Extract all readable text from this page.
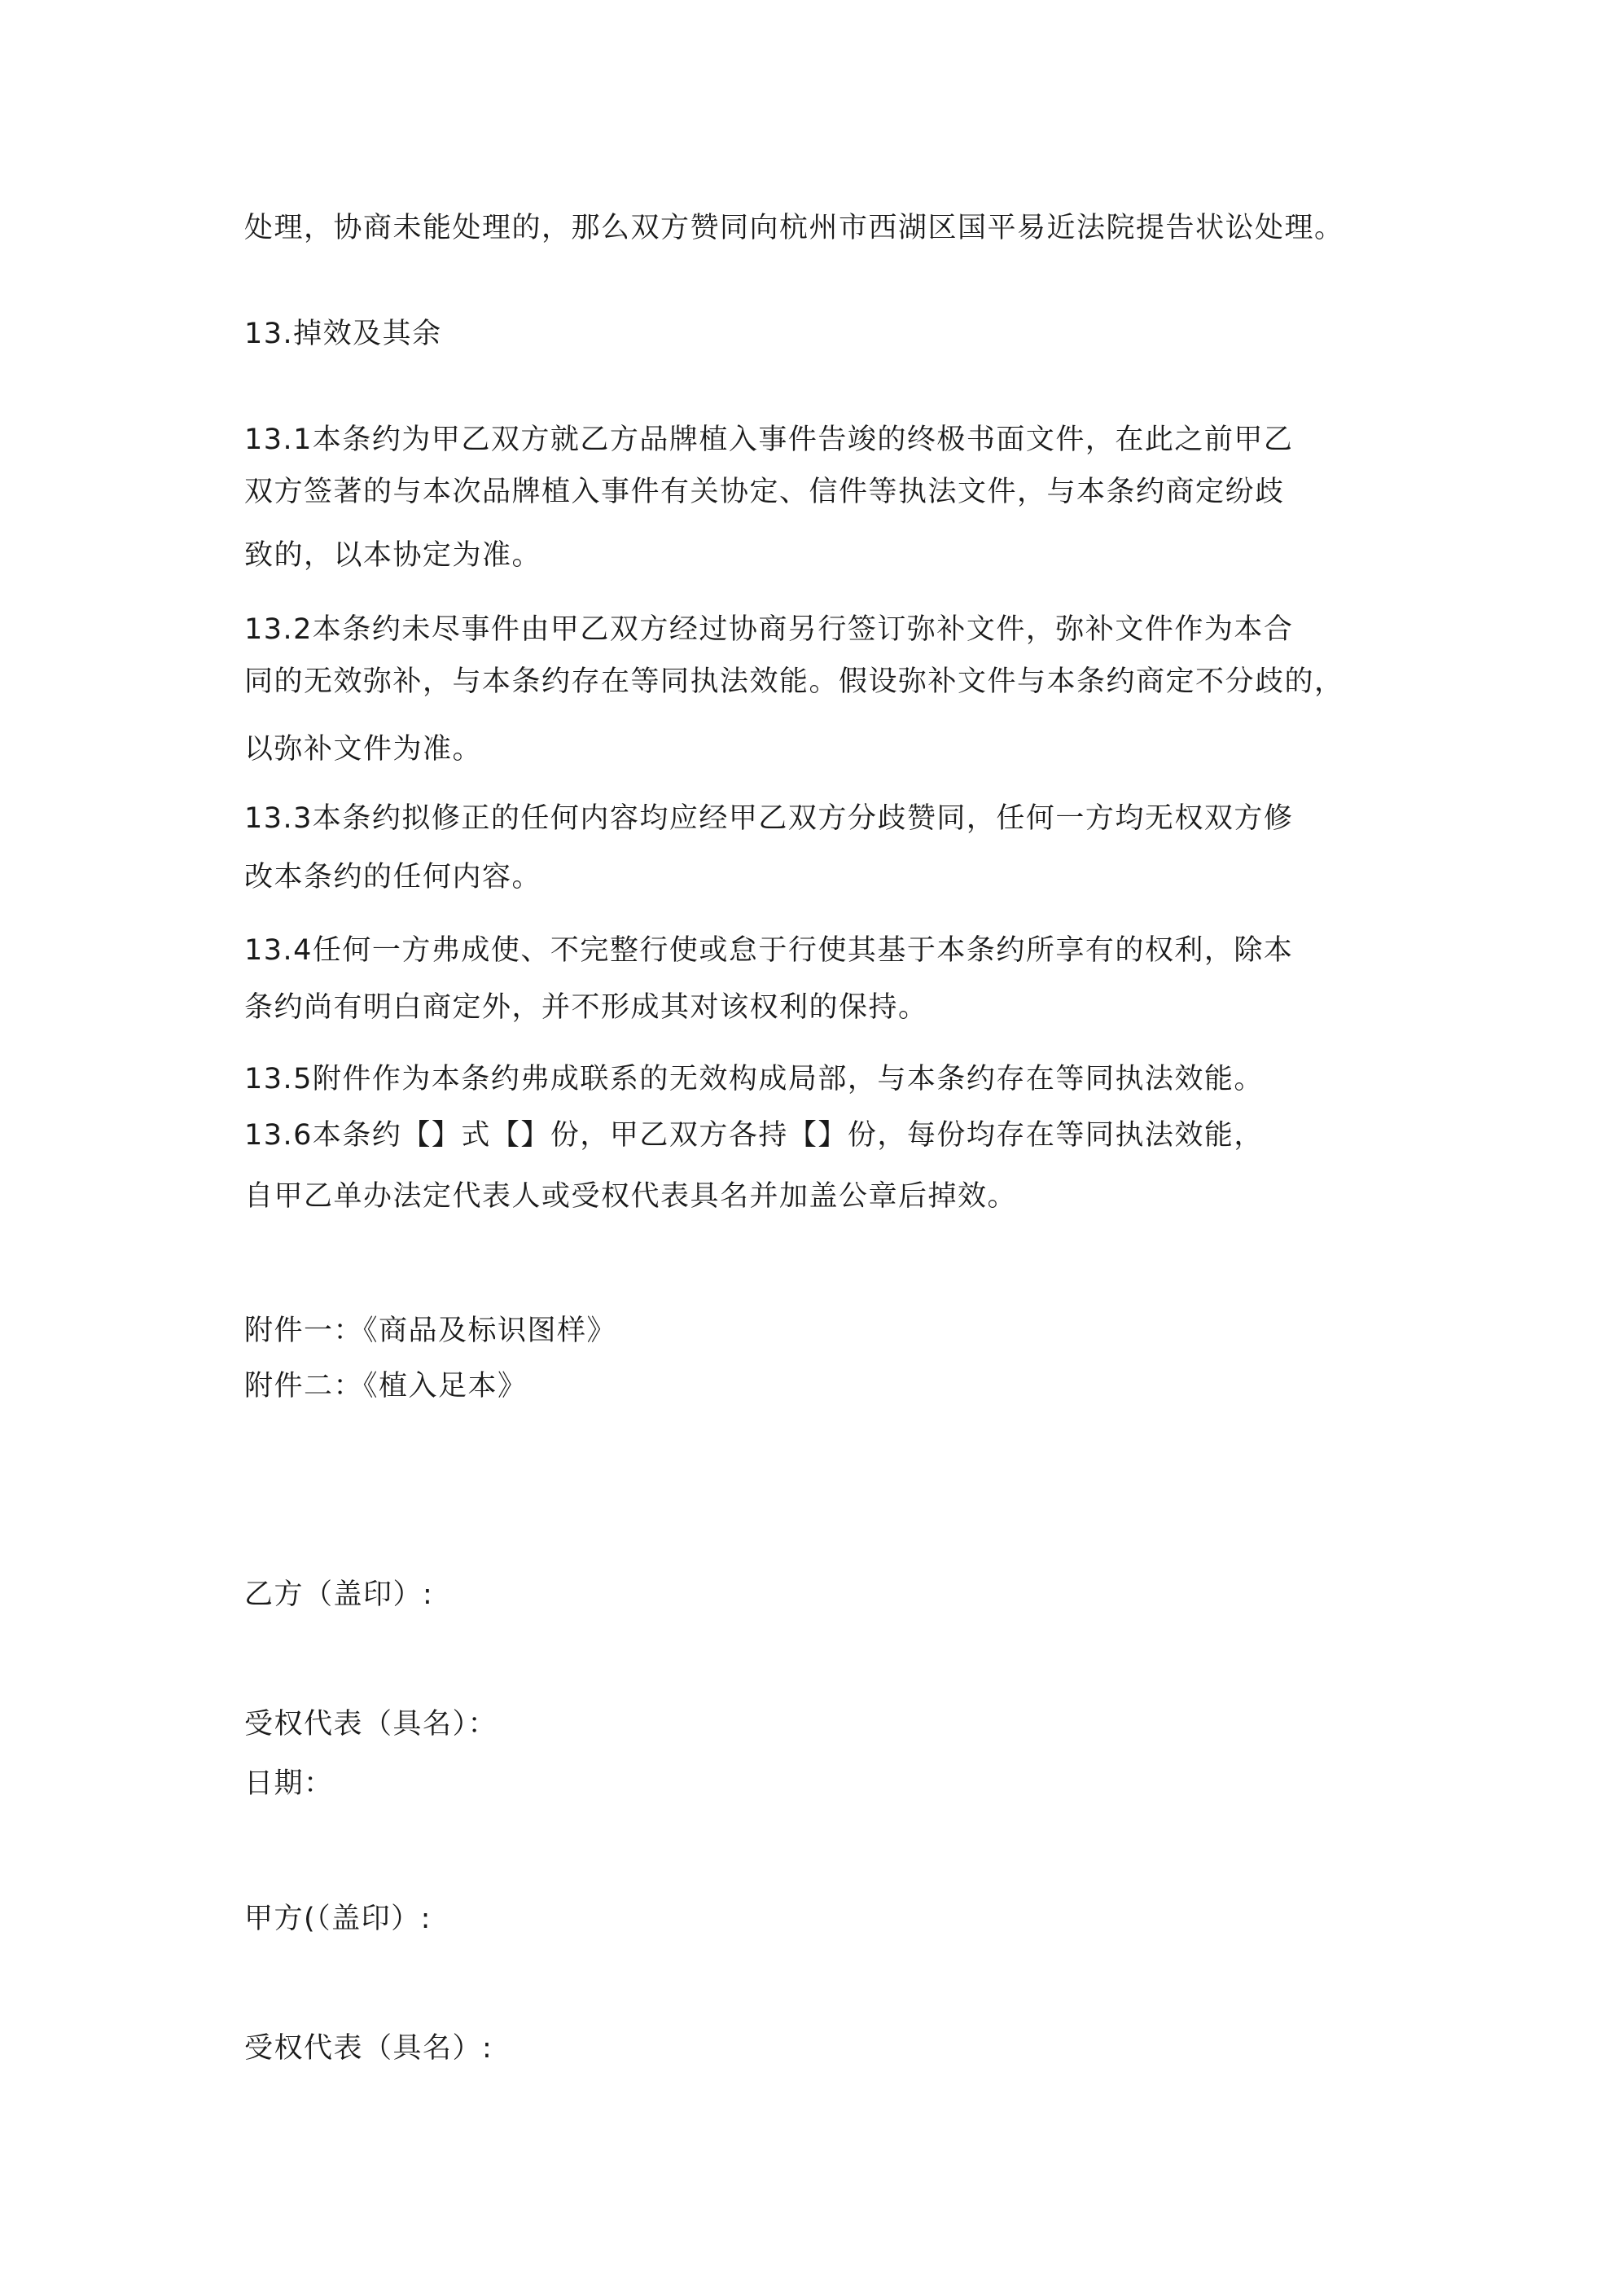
处理，协商未能处理的，那么双方赞同向杭州市西湖区国平易近法院提告状讼处理。
13.掉效及其余
13.1本条约为甲乙双方就乙方品牌植入事件告竣的终极书面文件，在此之前甲乙
双方签著的与本次品牌植入事件有关协定、信件等执法文件，与本条约商定纷歧
致的，以本协定为准。
13.2本条约未尽事件由甲乙双方经过协商另行签订弥补文件，弥补文件作为本合
同的无效弥补，与本条约存在等同执法效能。假设弥补文件与本条约商定不分歧的，
以弥补文件为准。
13.3本条约拟修正的任何内容均应经甲乙双方分歧赞同，任何一方均无权双方修
改本条约的任何内容。
13.4任何一方弗成使、不完整行使或怠于行使其基于本条约所享有的权利，除本
条约尚有明白商定外，并不形成其对该权利的保持。
13.5附件作为本条约弗成联系的无效构成局部，与本条约存在等同执法效能。
13.6本条约【】式【】份，甲乙双方各持【】份，每份均存在等同执法效能，
自甲乙单办法定代表人或受权代表具名并加盖公章后掉效。
附件一：《商品及标识图样》
附件二：《植入足本》
乙方（盖印）:
受权代表（具名）：
日期：
甲方(（盖印）:
受权代表（具名）:
